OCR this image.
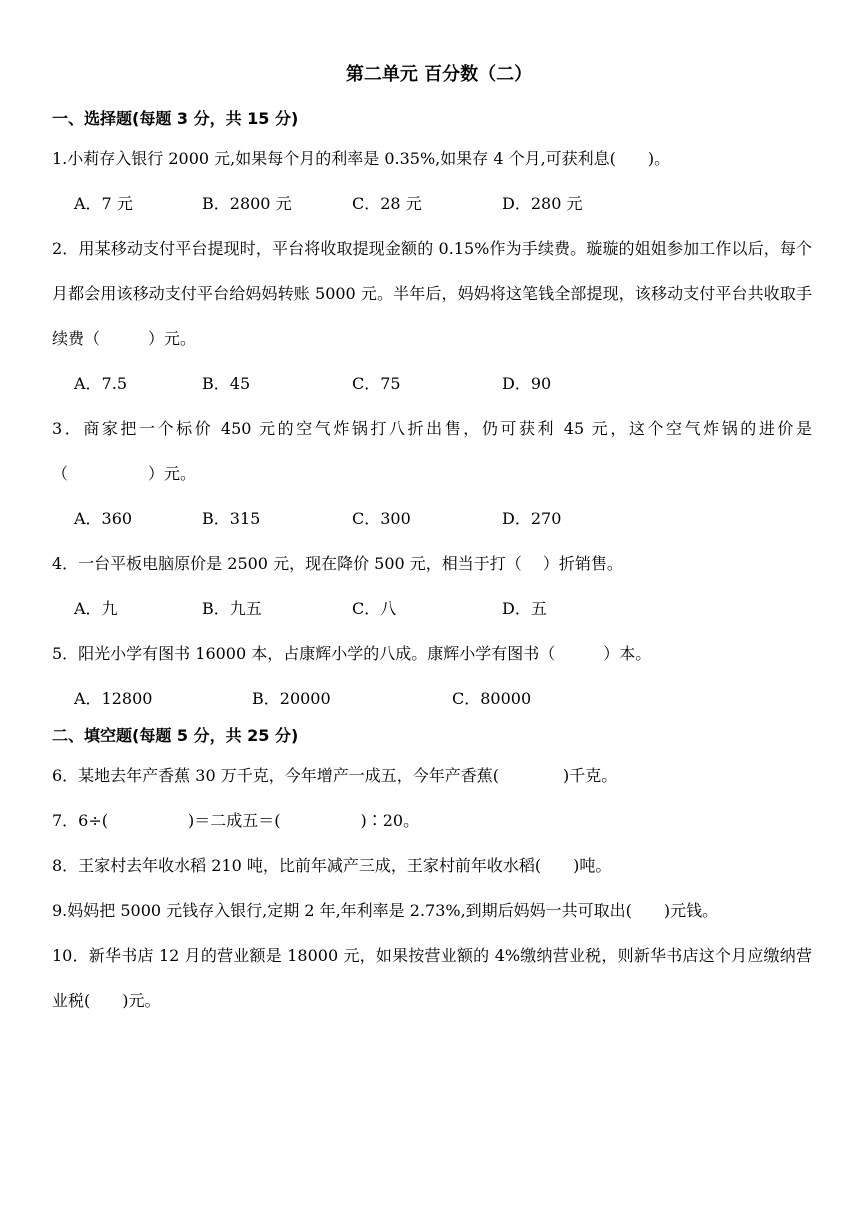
第二单元 百分数（二）
一、选择题(每题 3 分，共 15 分)
1.小莉存入银行 2000 元,如果每个月的利率是 0.35%,如果存 4 个月,可获利息(　　)。
A．7 元	B．2800 元	C．28 元	D．280 元
2．用某移动支付平台提现时，平台将收取提现金额的 0.15%作为手续费。璇璇的姐姐参加工作以后，每个月都会用该移动支付平台给妈妈转账 5000 元。半年后，妈妈将这笔钱全部提现，该移动支付平台共收取手续费（　　　）元。
A．7.5	B．45	C．75	D．90
3．商家把一个标价 450 元的空气炸锅打八折出售，仍可获利 45 元，这个空气炸锅的进价是（　　　　　）元。
A．360	B．315	C．300	D．270
4．一台平板电脑原价是 2500 元，现在降价 500 元，相当于打（　 ）折销售。
A．九	B．九五	C．八	D．五
5．阳光小学有图书 16000 本，占康辉小学的八成。康辉小学有图书（　　　）本。
A．12800	B．20000	C．80000
二、填空题(每题 5 分，共 25 分)
6．某地去年产香蕉 30 万千克，今年增产一成五，今年产香蕉(　　　　)千克。
7．6÷(　　　　　)＝二成五＝(　　　　　)∶20。
8．王家村去年收水稻 210 吨，比前年减产三成，王家村前年收水稻(　　)吨。
9.妈妈把 5000 元钱存入银行,定期 2 年,年利率是 2.73%,到期后妈妈一共可取出(　　)元钱。
10．新华书店 12 月的营业额是 18000 元，如果按营业额的 4%缴纳营业税，则新华书店这个月应缴纳营业税(　　)元。
